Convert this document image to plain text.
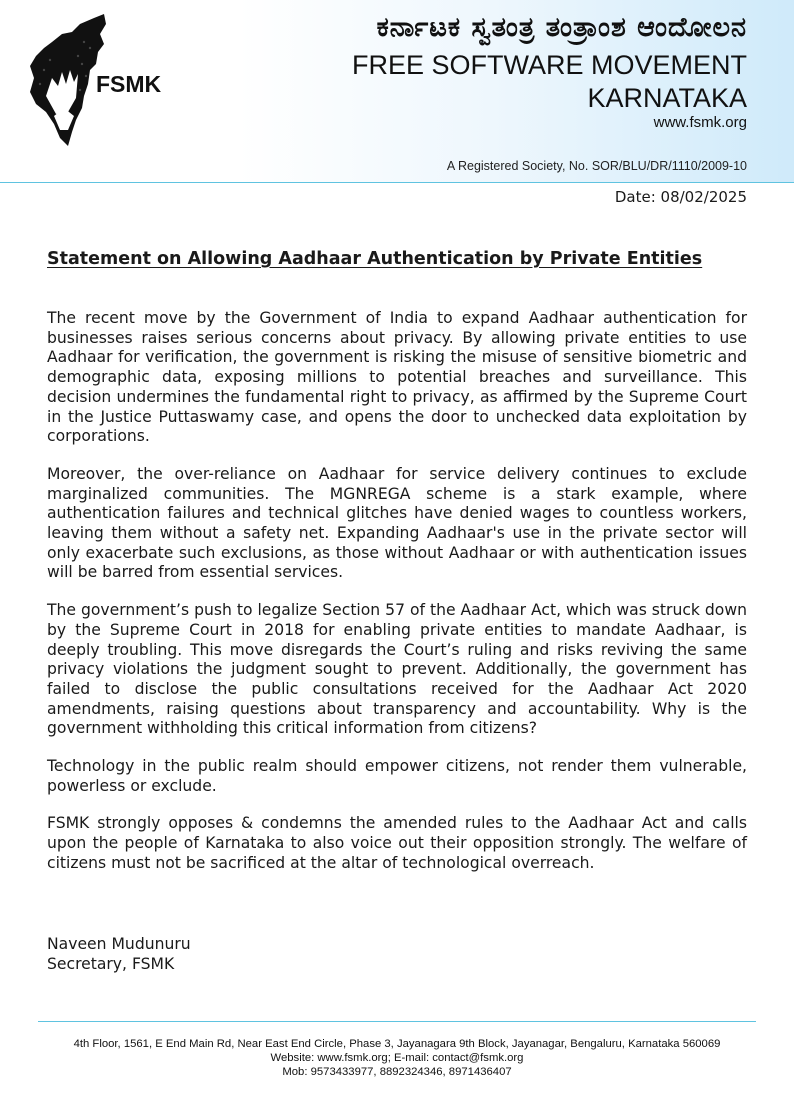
FSMK
ಕರ್ನಾಟಕ ಸ್ವತಂತ್ರ ತಂತ್ರಾಂಶ ಆಂದೋಲನ
FREE SOFTWARE MOVEMENT
KARNATAKA
www.fsmk.org
A Registered Society, No. SOR/BLU/DR/1110/2009-10
Date: 08/02/2025
Statement on Allowing Aadhaar Authentication by Private Entities

The recent move by the Government of India to expand Aadhaar authentication for businesses raises serious concerns about privacy. By allowing private entities to use Aadhaar for verification, the government is risking the misuse of sensitive biometric and demographic data, exposing millions to potential breaches and surveillance. This decision undermines the fundamental right to privacy, as affirmed by the Supreme Court in the Justice Puttaswamy case, and opens the door to unchecked data exploitation by corporations.

Moreover, the over-reliance on Aadhaar for service delivery continues to exclude marginalized communities. The MGNREGA scheme is a stark example, where authentication failures and technical glitches have denied wages to countless workers, leaving them without a safety net. Expanding Aadhaar's use in the private sector will only exacerbate such exclusions, as those without Aadhaar or with authentication issues will be barred from essential services.

The government’s push to legalize Section 57 of the Aadhaar Act, which was struck down by the Supreme Court in 2018 for enabling private entities to mandate Aadhaar, is deeply troubling. This move disregards the Court’s ruling and risks reviving the same privacy violations the judgment sought to prevent. Additionally, the government has failed to disclose the public consultations received for the Aadhaar Act 2020 amendments, raising questions about transparency and accountability. Why is the government withholding this critical information from citizens?

Technology in the public realm should empower citizens, not render them vulnerable, powerless or exclude.

FSMK strongly opposes & condemns the amended rules to the Aadhaar Act and calls upon the people of Karnataka to also voice out their opposition strongly. The welfare of citizens must not be sacrificed at the altar of technological overreach.

Naveen Mudunuru
Secretary, FSMK
4th Floor, 1561, E End Main Rd, Near East End Circle, Phase 3, Jayanagara 9th Block, Jayanagar, Bengaluru, Karnataka 560069
Website: www.fsmk.org; E-mail: contact@fsmk.org
Mob: 9573433977, 8892324346, 8971436407
